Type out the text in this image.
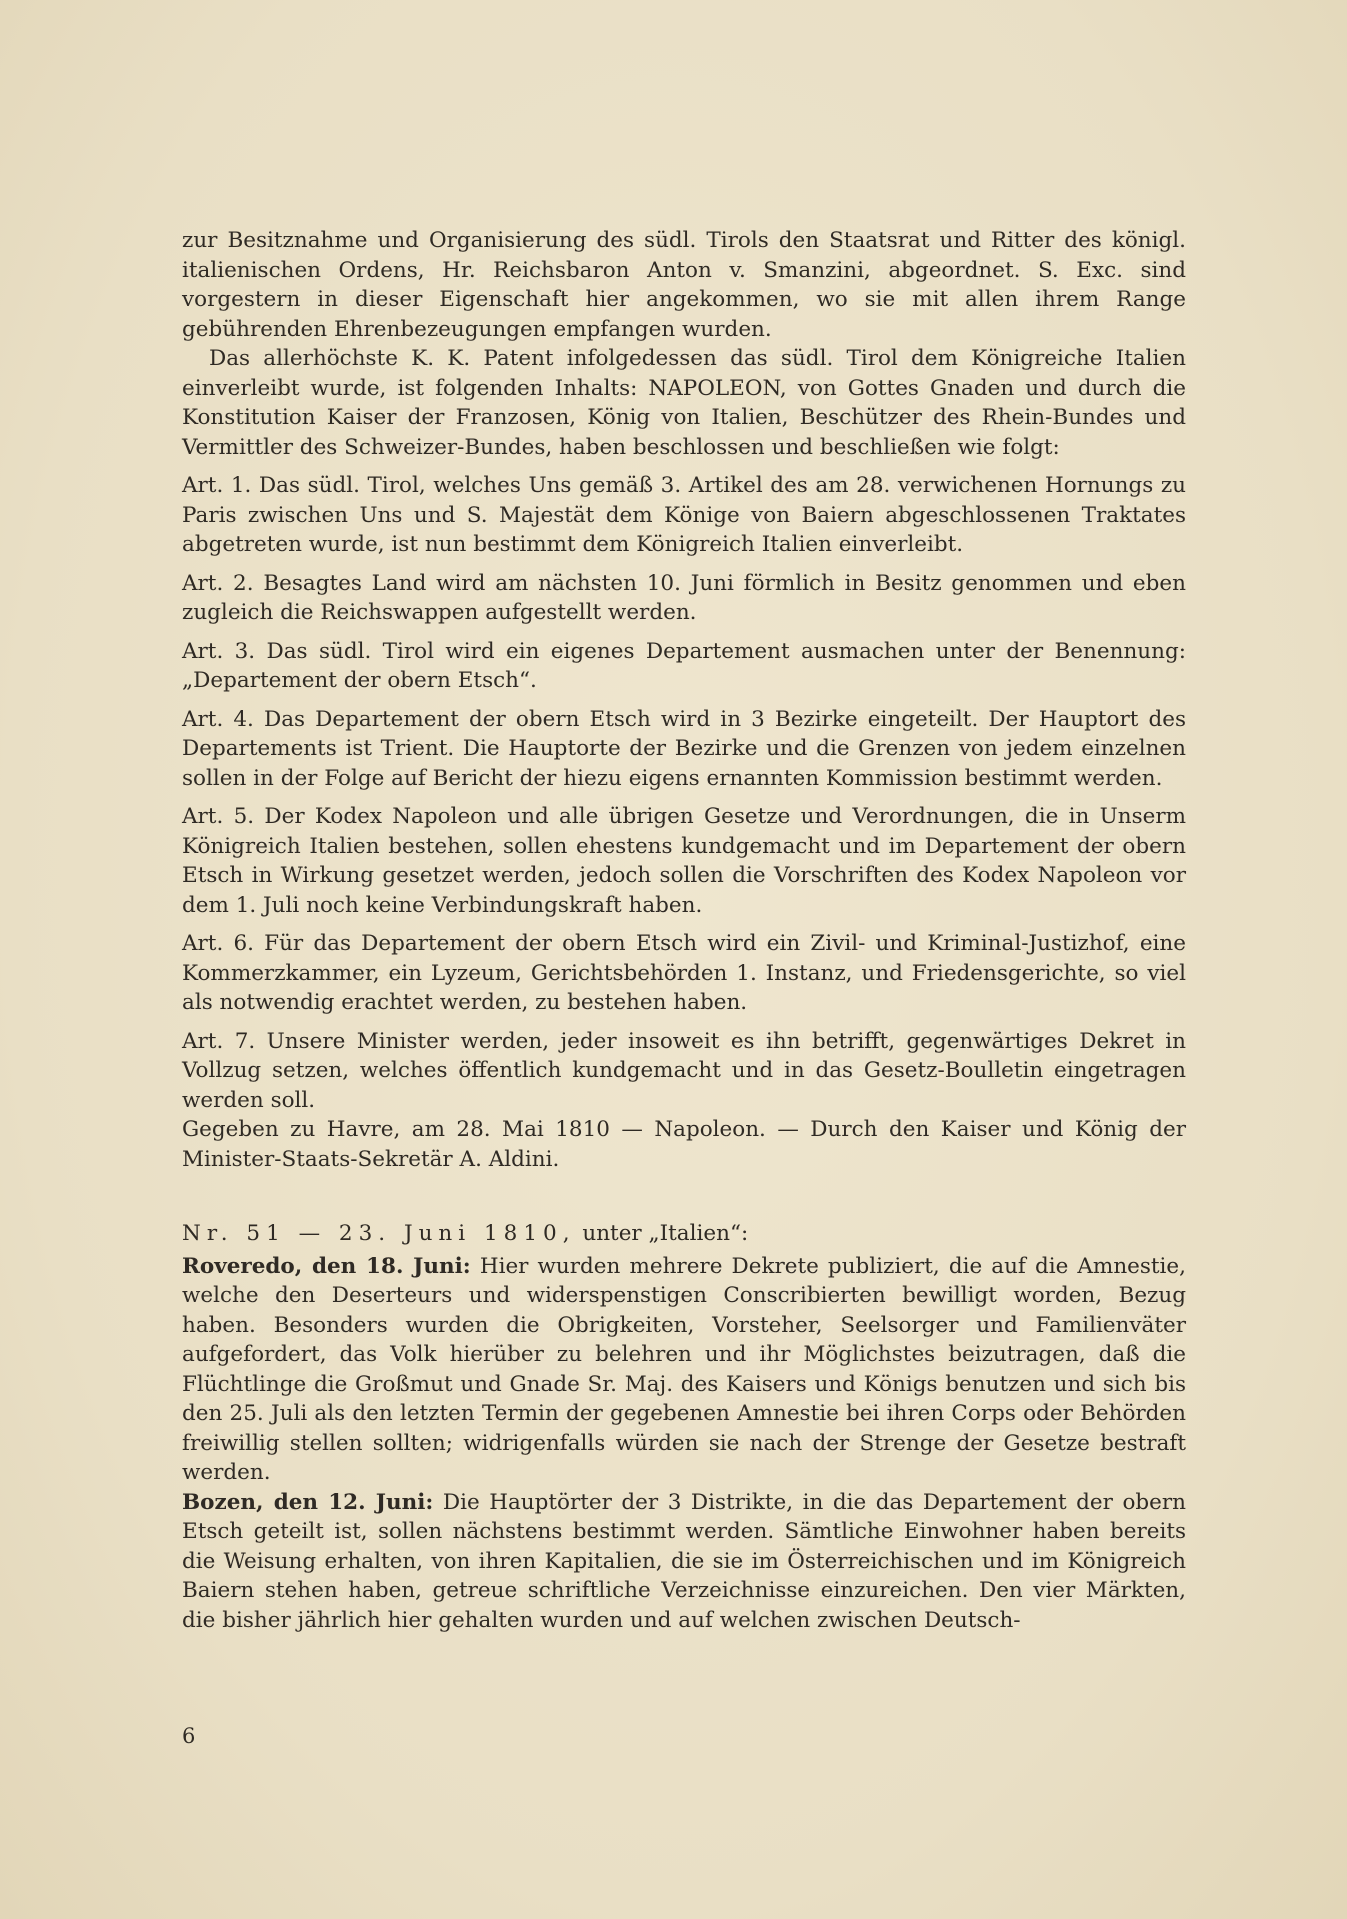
zur Besitznahme und Organisierung des südl. Tirols den Staatsrat und Ritter des königl. italienischen Ordens, Hr. Reichsbaron Anton v. Smanzini, abgeordnet. S. Exc. sind vorgestern in dieser Eigenschaft hier angekommen, wo sie mit allen ihrem Range gebührenden Ehrenbezeugungen empfangen wurden.

Das allerhöchste K. K. Patent infolgedessen das südl. Tirol dem Königreiche Italien einverleibt wurde, ist folgenden Inhalts: NAPOLEON, von Gottes Gnaden und durch die Konstitution Kaiser der Franzosen, König von Italien, Beschützer des Rhein-Bundes und Vermittler des Schweizer-Bundes, haben beschlossen und beschließen wie folgt:

Art. 1. Das südl. Tirol, welches Uns gemäß 3. Artikel des am 28. verwichenen Hornungs zu Paris zwischen Uns und S. Majestät dem Könige von Baiern abgeschlossenen Traktates abgetreten wurde, ist nun bestimmt dem Königreich Italien einverleibt.

Art. 2. Besagtes Land wird am nächsten 10. Juni förmlich in Besitz genommen und eben zugleich die Reichswappen aufgestellt werden.

Art. 3. Das südl. Tirol wird ein eigenes Departement ausmachen unter der Benennung: „Departement der obern Etsch“.

Art. 4. Das Departement der obern Etsch wird in 3 Bezirke eingeteilt. Der Hauptort des Departements ist Trient. Die Hauptorte der Bezirke und die Grenzen von jedem einzelnen sollen in der Folge auf Bericht der hiezu eigens ernannten Kommission bestimmt werden.

Art. 5. Der Kodex Napoleon und alle übrigen Gesetze und Verordnungen, die in Unserm Königreich Italien bestehen, sollen ehestens kundgemacht und im Departement der obern Etsch in Wirkung gesetzet werden, jedoch sollen die Vorschriften des Kodex Napoleon vor dem 1. Juli noch keine Verbindungskraft haben.

Art. 6. Für das Departement der obern Etsch wird ein Zivil- und Kriminal-Justizhof, eine Kommerzkammer, ein Lyzeum, Gerichtsbehörden 1. Instanz, und Friedensgerichte, so viel als notwendig erachtet werden, zu bestehen haben.

Art. 7. Unsere Minister werden, jeder insoweit es ihn betrifft, gegenwärtiges Dekret in Vollzug setzen, welches öffentlich kundgemacht und in das Gesetz-Boulletin eingetragen werden soll.

Gegeben zu Havre, am 28. Mai 1810 — Napoleon. — Durch den Kaiser und König der Minister-Staats-Sekretär A. Aldini.

Nr. 51 — 23. Juni 1810, unter „Italien“:

Roveredo, den 18. Juni: Hier wurden mehrere Dekrete publiziert, die auf die Amnestie, welche den Deserteurs und widerspenstigen Conscribierten bewilligt worden, Bezug haben. Besonders wurden die Obrigkeiten, Vorsteher, Seelsorger und Familienväter aufgefordert, das Volk hierüber zu belehren und ihr Möglichstes beizutragen, daß die Flüchtlinge die Großmut und Gnade Sr. Maj. des Kaisers und Königs benutzen und sich bis den 25. Juli als den letzten Termin der gegebenen Amnestie bei ihren Corps oder Behörden freiwillig stellen sollten; widrigenfalls würden sie nach der Strenge der Gesetze bestraft werden.

Bozen, den 12. Juni: Die Hauptörter der 3 Distrikte, in die das Departement der obern Etsch geteilt ist, sollen nächstens bestimmt werden. Sämtliche Einwohner haben bereits die Weisung erhalten, von ihren Kapitalien, die sie im Österreichischen und im Königreich Baiern stehen haben, getreue schriftliche Verzeichnisse einzureichen. Den vier Märkten, die bisher jährlich hier gehalten wurden und auf welchen zwischen Deutsch-

6
